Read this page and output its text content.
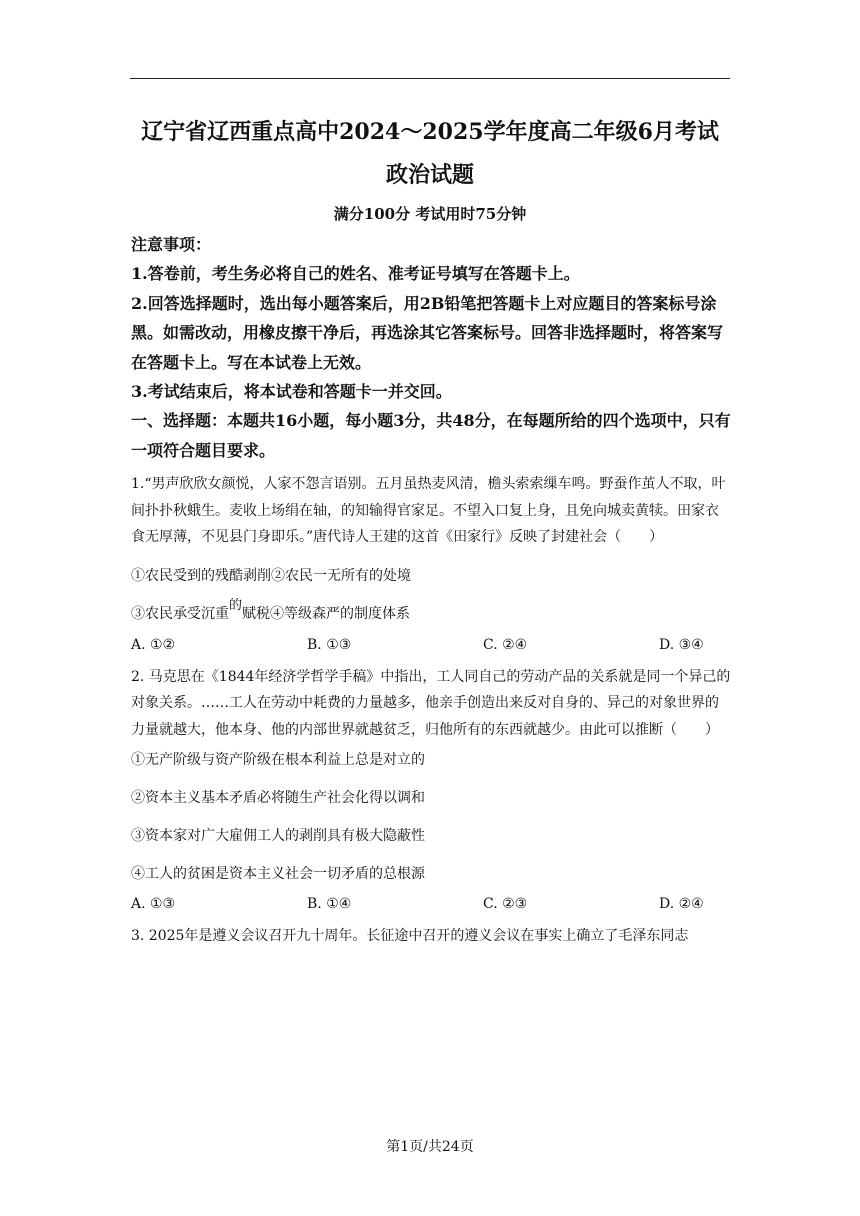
辽宁省辽西重点高中2024～2025学年度高二年级6月考试
政治试题
满分100分 考试用时75分钟
注意事项：
1.答卷前，考生务必将自己的姓名、准考证号填写在答题卡上。
2.回答选择题时，选出每小题答案后，用2B铅笔把答题卡上对应题目的答案标号涂黑。如需改动，用橡皮擦干净后，再选涂其它答案标号。回答非选择题时，将答案写在答题卡上。写在本试卷上无效。
3.考试结束后，将本试卷和答题卡一并交回。
一、选择题：本题共16小题，每小题3分，共48分，在每题所给的四个选项中，只有一项符合题目要求。
1.“男声欣欣女颜悦，人家不怨言语别。五月虽热麦风清，檐头索索缫车鸣。野蚕作茧人不取，叶间扑扑秋蛾生。麦收上场绢在轴，的知输得官家足。不望入口复上身，且免向城卖黄犊。田家衣食无厚薄，不见县门身即乐。”唐代诗人王建的这首《田家行》反映了封建社会（　　）
①农民受到的残酷剥削②农民一无所有的处境
③农民承受沉重的赋税④等级森严的制度体系
A. ①②	B. ①③	C. ②④	D. ③④
2. 马克思在《1844年经济学哲学手稿》中指出，工人同自己的劳动产品的关系就是同一个异己的对象关系。……工人在劳动中耗费的力量越多，他亲手创造出来反对自身的、异己的对象世界的力量就越大，他本身、他的内部世界就越贫乏，归他所有的东西就越少。由此可以推断（　　）
①无产阶级与资产阶级在根本利益上总是对立的
②资本主义基本矛盾必将随生产社会化得以调和
③资本家对广大雇佣工人的剥削具有极大隐蔽性
④工人的贫困是资本主义社会一切矛盾的总根源
A. ①③	B. ①④	C. ②③	D. ②④
3. 2025年是遵义会议召开九十周年。长征途中召开的遵义会议在事实上确立了毛泽东同志
第1页/共24页
